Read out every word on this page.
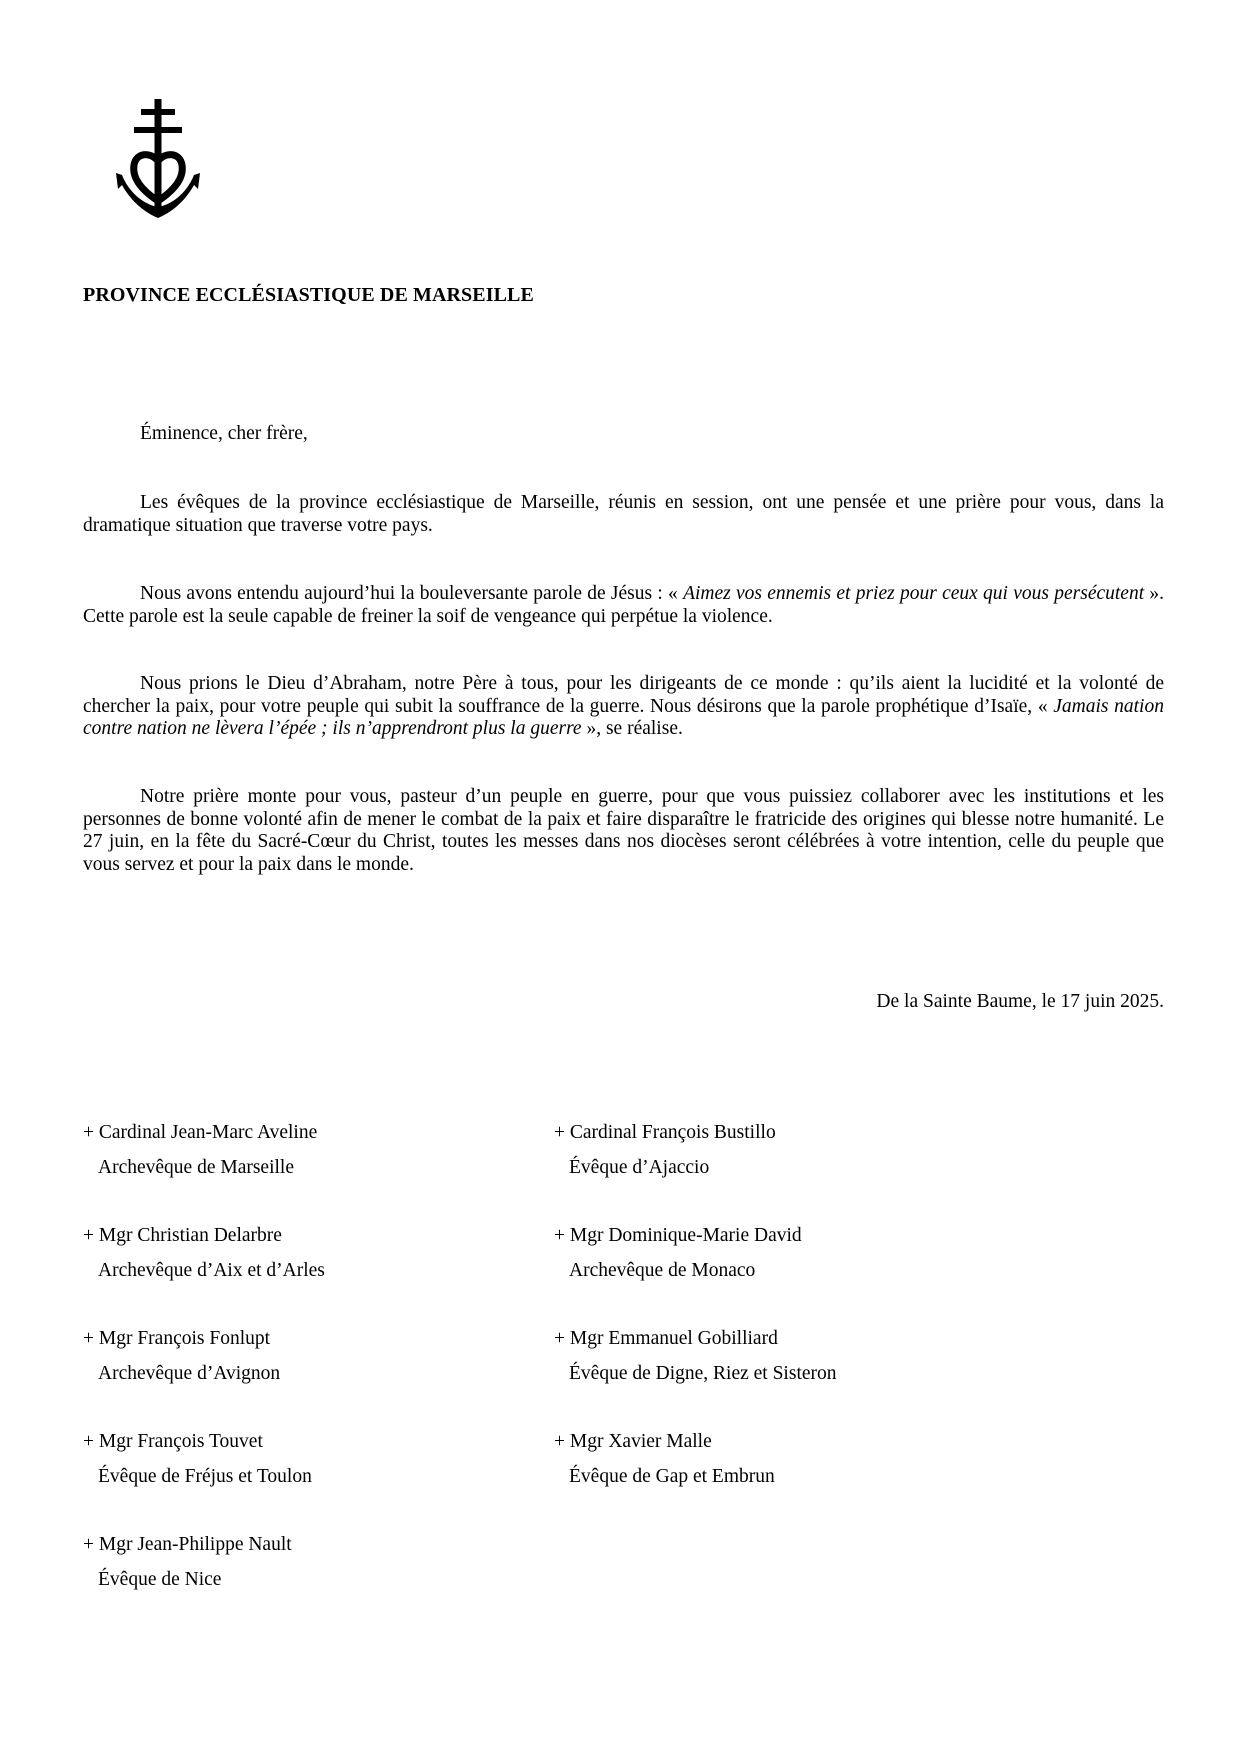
PROVINCE ECCLÉSIASTIQUE DE MARSEILLE
Éminence, cher frère,

Les évêques de la province ecclésiastique de Marseille, réunis en session, ont une pensée et une prière pour vous, dans la dramatique situation que traverse votre pays.

Nous avons entendu aujourd’hui la bouleversante parole de Jésus : « Aimez vos ennemis et priez pour ceux qui vous persécutent ». Cette parole est la seule capable de freiner la soif de vengeance qui perpétue la violence.

Nous prions le Dieu d’Abraham, notre Père à tous, pour les dirigeants de ce monde : qu’ils aient la lucidité et la volonté de chercher la paix, pour votre peuple qui subit la souffrance de la guerre. Nous désirons que la parole prophétique d’Isaïe, « Jamais nation contre nation ne lèvera l’épée ; ils n’apprendront plus la guerre », se réalise.

Notre prière monte pour vous, pasteur d’un peuple en guerre, pour que vous puissiez collaborer avec les institutions et les personnes de bonne volonté afin de mener le combat de la paix et faire disparaître le fratricide des origines qui blesse notre humanité. Le 27 juin, en la fête du Sacré-Cœur du Christ, toutes les messes dans nos diocèses seront célébrées à votre intention, celle du peuple que vous servez et pour la paix dans le monde.

De la Sainte Baume, le 17 juin 2025.
+ Cardinal Jean-Marc Aveline
Archevêque de Marseille
+ Cardinal François Bustillo
Évêque d’Ajaccio
+ Mgr Christian Delarbre
Archevêque d’Aix et d’Arles
+ Mgr Dominique-Marie David
Archevêque de Monaco
+ Mgr François Fonlupt
Archevêque d’Avignon
+ Mgr Emmanuel Gobilliard
Évêque de Digne, Riez et Sisteron
+ Mgr François Touvet
Évêque de Fréjus et Toulon
+ Mgr Xavier Malle
Évêque de Gap et Embrun
+ Mgr Jean-Philippe Nault
Évêque de Nice
